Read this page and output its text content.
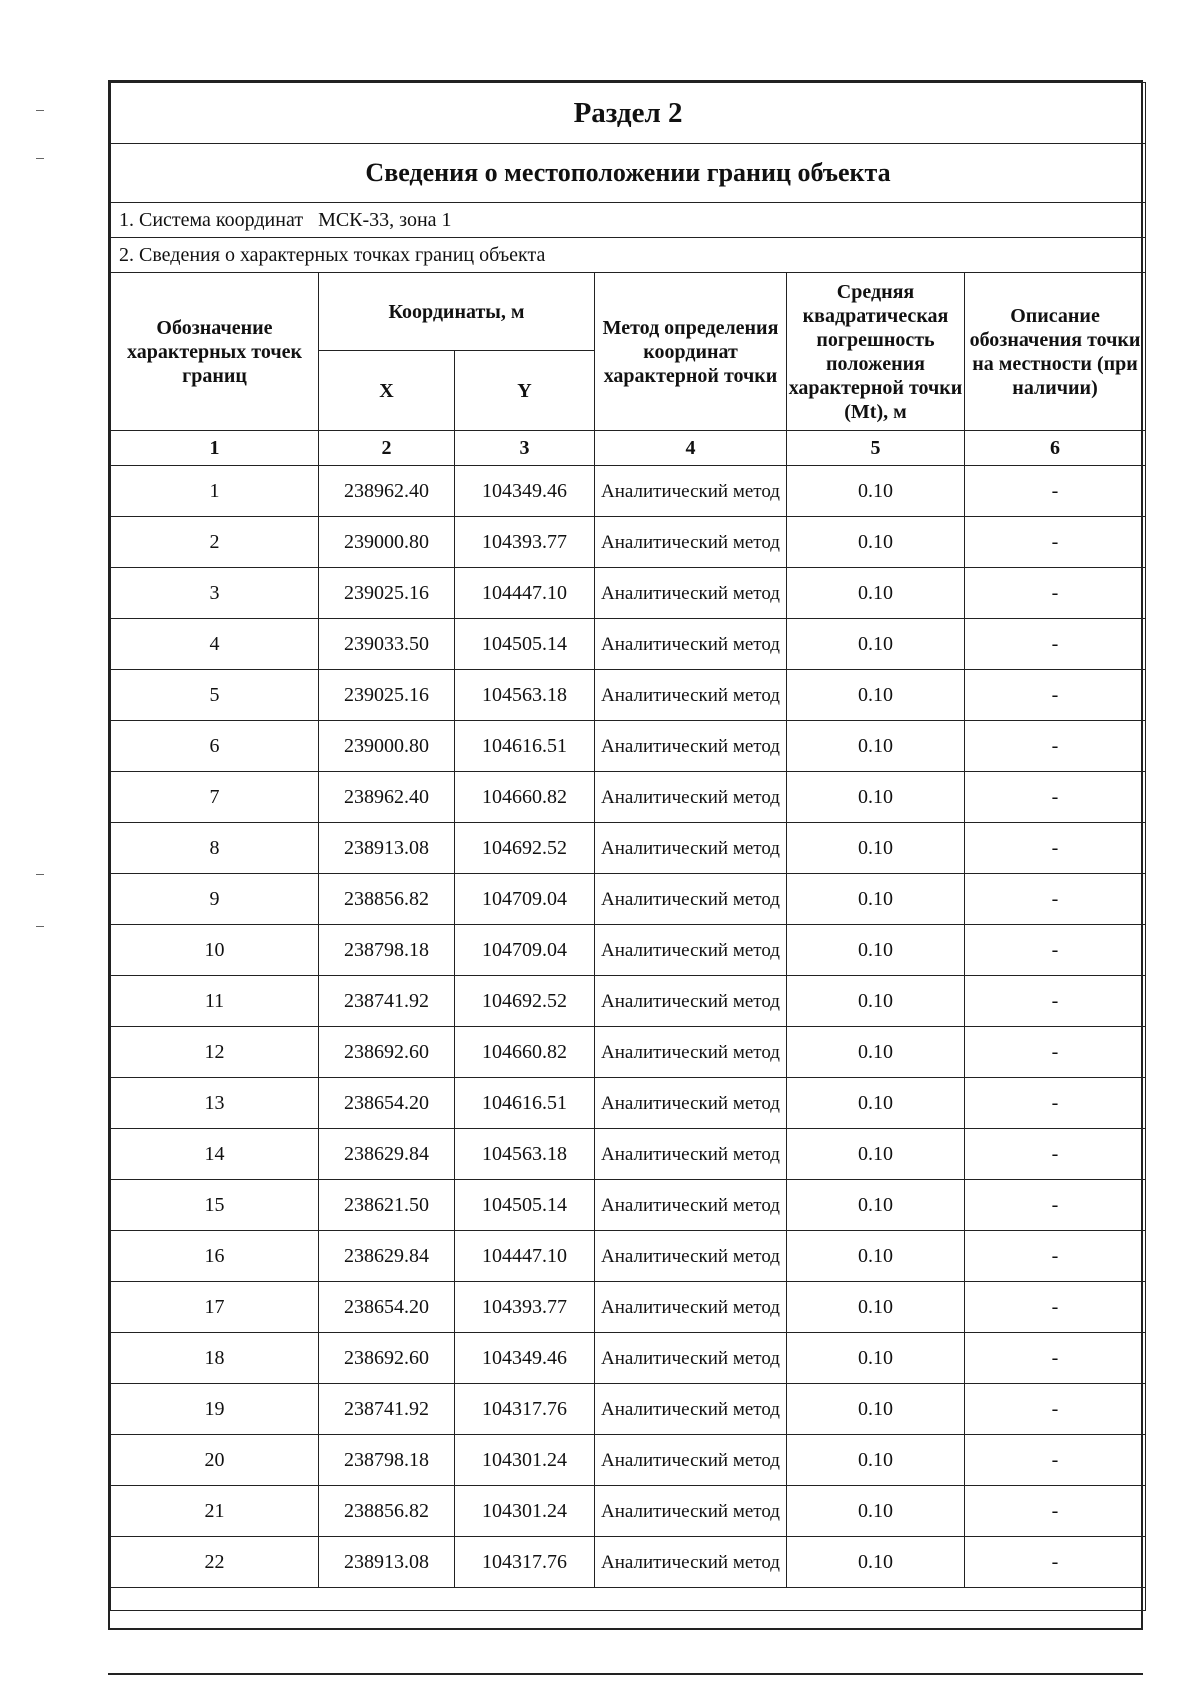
Раздел 2					
Сведения о местоположении границ объекта					
1. Система координат МСК-33, зона 1					
2. Сведения о характерных точках границ объекта					
Обозначение характерных точек границ	Координаты, м		Метод определения координат характерной точки	Средняя квадратическая погрешность положения характерной точки (Mt), м	Описание обозначения точки на местности (при наличии)
	X	Y			
1	2	3	4	5	6
1	238962.40	104349.46	Аналитический метод	0.10	-
2	239000.80	104393.77	Аналитический метод	0.10	-
3	239025.16	104447.10	Аналитический метод	0.10	-
4	239033.50	104505.14	Аналитический метод	0.10	-
5	239025.16	104563.18	Аналитический метод	0.10	-
6	239000.80	104616.51	Аналитический метод	0.10	-
7	238962.40	104660.82	Аналитический метод	0.10	-
8	238913.08	104692.52	Аналитический метод	0.10	-
9	238856.82	104709.04	Аналитический метод	0.10	-
10	238798.18	104709.04	Аналитический метод	0.10	-
11	238741.92	104692.52	Аналитический метод	0.10	-
12	238692.60	104660.82	Аналитический метод	0.10	-
13	238654.20	104616.51	Аналитический метод	0.10	-
14	238629.84	104563.18	Аналитический метод	0.10	-
15	238621.50	104505.14	Аналитический метод	0.10	-
16	238629.84	104447.10	Аналитический метод	0.10	-
17	238654.20	104393.77	Аналитический метод	0.10	-
18	238692.60	104349.46	Аналитический метод	0.10	-
19	238741.92	104317.76	Аналитический метод	0.10	-
20	238798.18	104301.24	Аналитический метод	0.10	-
21	238856.82	104301.24	Аналитический метод	0.10	-
22	238913.08	104317.76	Аналитический метод	0.10	-
